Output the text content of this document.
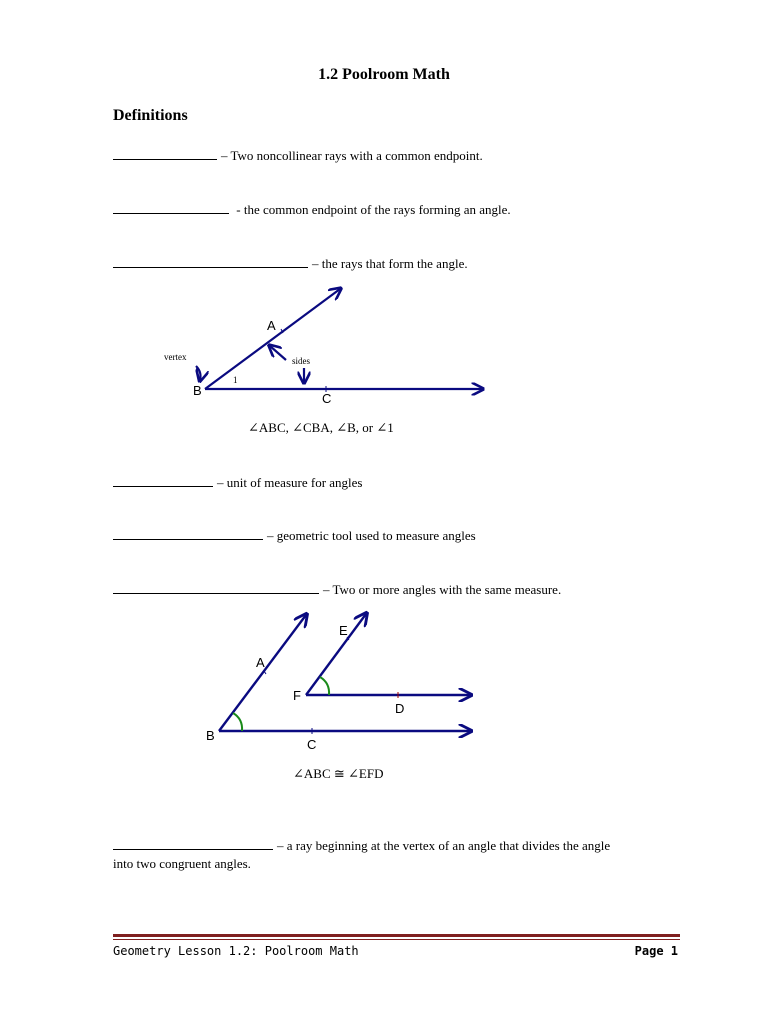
1.2 Poolroom Math
Definitions
– Two noncollinear rays with a common endpoint.
- the common endpoint of the rays forming an angle.
– the rays that form the angle.
A
B
C
vertex	sides
1
∠ABC, ∠CBA, ∠B, or ∠1
– unit of measure for angles
– geometric tool used to measure angles
– Two or more angles with the same measure.
A
B
C
D
E
F
∠ABC ≅ ∠EFD
– a ray beginning at the vertex of an angle that divides the angle
into two congruent angles.
Geometry Lesson 1.2: Poolroom Math	Page 1
